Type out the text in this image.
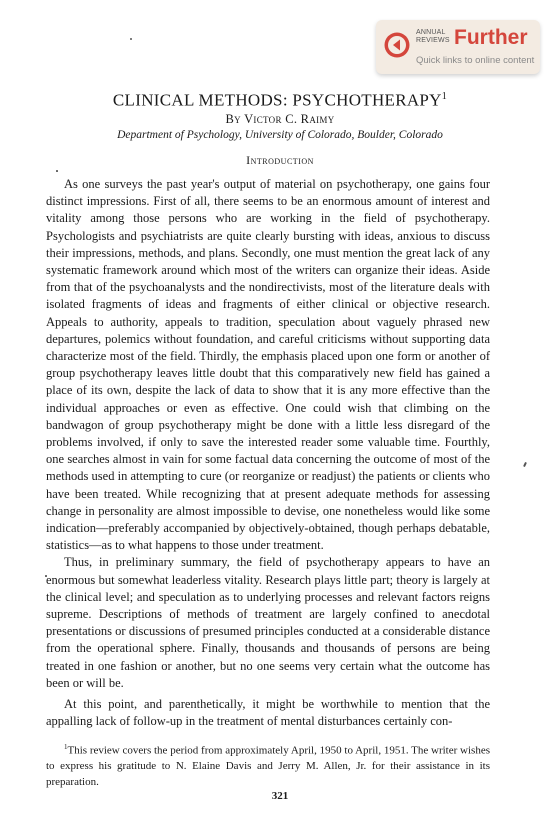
ANNUAL
REVIEWS Further
Quick links to online content
CLINICAL METHODS: PSYCHOTHERAPY$^1$
By Victor C. Raimy
Department of Psychology, University of Colorado, Boulder, Colorado
Introduction

As one surveys the past year's output of material on psychotherapy, one gains four distinct impressions. First of all, there seems to be an enormous amount of interest and vitality among those persons who are working in the field of psychotherapy. Psychologists and psychiatrists are quite clearly bursting with ideas, anxious to discuss their impressions, methods, and plans. Secondly, one must mention the great lack of any systematic framework around which most of the writers can organize their ideas. Aside from that of the psychoanalysts and the nondirectivists, most of the literature deals with isolated fragments of ideas and fragments of either clinical or objective research. Appeals to authority, appeals to tradition, speculation about vaguely phrased new departures, polemics without foundation, and careful criticisms without supporting data characterize most of the field. Thirdly, the emphasis placed upon one form or another of group psychotherapy leaves little doubt that this comparatively new field has gained a place of its own, despite the lack of data to show that it is any more effective than the individual approaches or even as effective. One could wish that climbing on the bandwagon of group psychotherapy might be done with a little less disregard of the problems involved, if only to save the interested reader some valuable time. Fourthly, one searches almost in vain for some factual data concerning the outcome of most of the methods used in attempting to cure (or reorganize or readjust) the patients or clients who have been treated. While recognizing that at present adequate methods for assessing change in personality are almost impossible to devise, one nonetheless would like some indication—preferably accompanied by objectively-obtained, though perhaps debatable, statistics—as to what happens to those under treatment.

Thus, in preliminary summary, the field of psychotherapy appears to have an enormous but somewhat leaderless vitality. Research plays little part; theory is largely at the clinical level; and speculation as to underlying processes and relevant factors reigns supreme. Descriptions of methods of treatment are largely confined to anecdotal presentations or discussions of presumed principles conducted at a considerable distance from the operational sphere. Finally, thousands and thousands of persons are being treated in one fashion or another, but no one seems very certain what the outcome has been or will be.

At this point, and parenthetically, it might be worthwhile to mention that the appalling lack of follow-up in the treatment of mental disturbances certainly con-

$^1$This review covers the period from approximately April, 1950 to April, 1951. The writer wishes to express his gratitude to N. Elaine Davis and Jerry M. Allen, Jr. for their assistance in its preparation.

321
